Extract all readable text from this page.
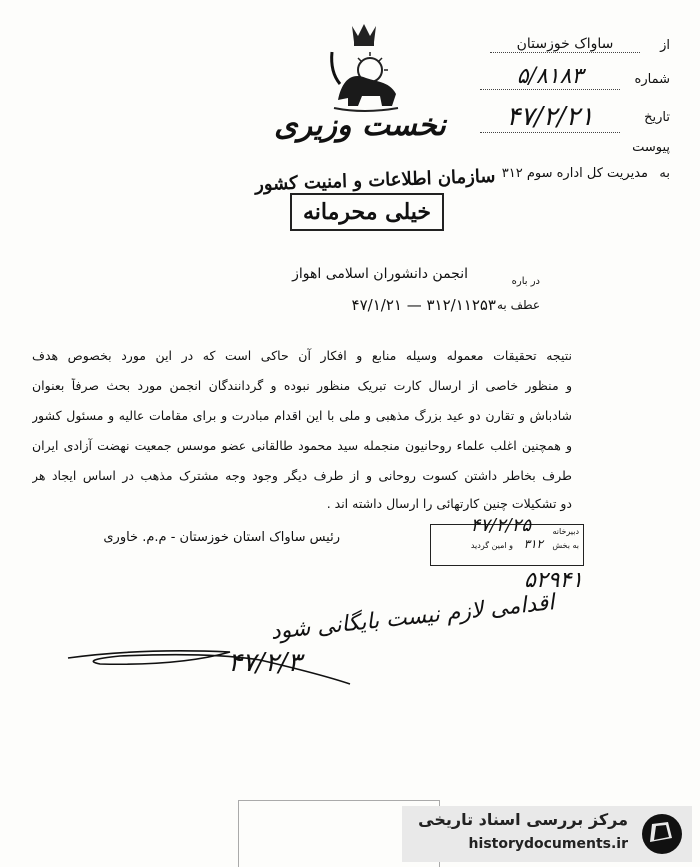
نخست وزیری
از
ساواک خوزستان
شماره
۵/۸۱۸۳
تاریخ
۴۷/۲/۲۱
پیوست
به
مدیریت کل اداره سوم ۳۱۲
سازمان اطلاعات و امنیت کشور
خیلی محرمانه
در باره
انجمن دانشوران اسلامی اهواز
عطف به
۳۱۲/۱۱۲۵۳ — ۴۷/۱/۲۱
نتیجه تحقیقات معموله وسیله منابع و افکار آن حاکی است که در این مورد بخصوص هدف
و منظور خاصی از ارسال کارت تبریک منظور نبوده و گردانندگان انجمن مورد بحث صرفاً بعنوان
شادباش و تقارن دو عید بزرگ مذهبی و ملی با این اقدام مبادرت و برای مقامات عالیه و مسئول کشور
و همچنین اغلب علماء روحانیون منجمله سید محمود طالقانی عضو موسس جمعیت نهضت آزادی ایران
طرف بخاطر داشتن کسوت روحانی و از طرف دیگر وجود وجه مشترک مذهب در اساس ایجاد هر
دو تشکیلات چنین کارتهائی را ارسال داشته اند .
رئیس ساواک استان خوزستان - م.م. خاوری	دبیرخانه
۴۷/۲/۲۵
به بخش
۳۱۲
و امین گردید
۵۲۹۴۱
اقدامی لازم نیست بایگانی شود
۴۷/۲/۳
مرکز بررسی اسناد تاریخی
historydocuments.ir
